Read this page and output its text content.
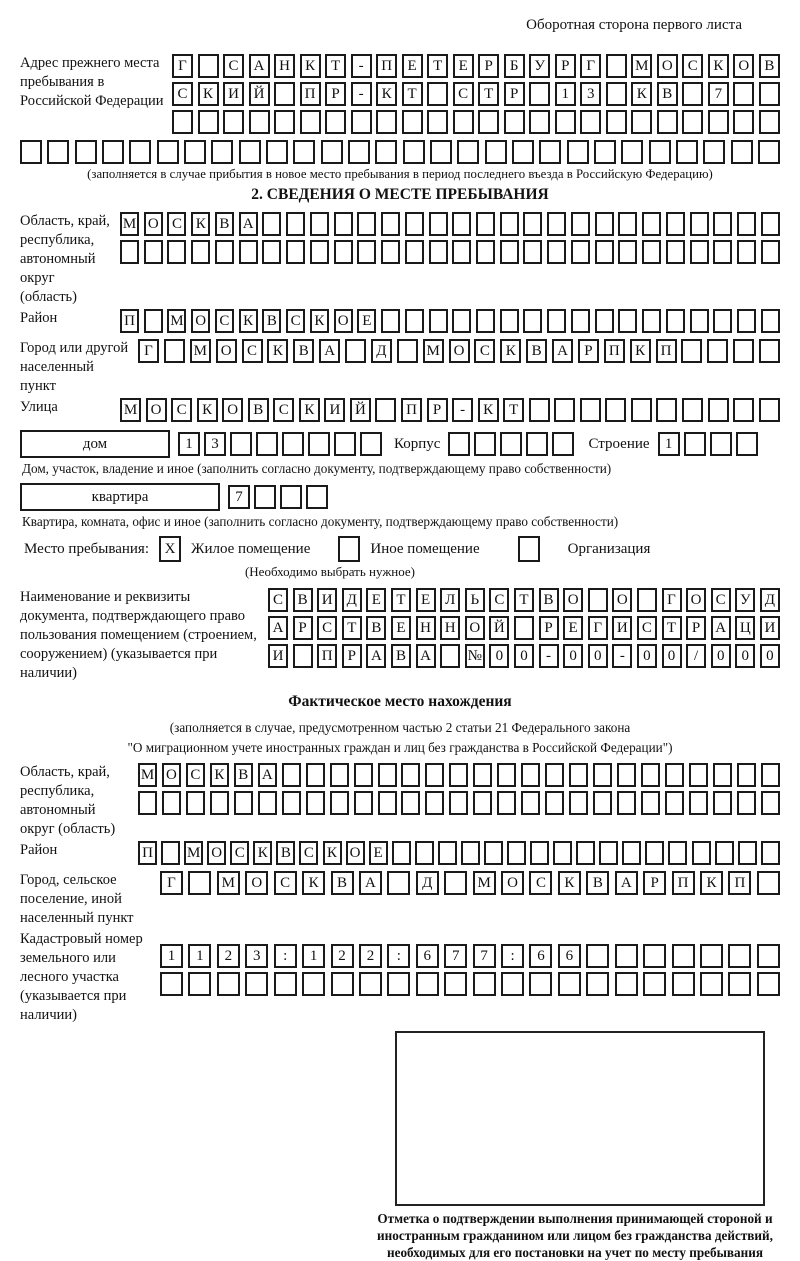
Оборотная сторона первого листа
Адрес прежнего места пребывания в Российской Федерации
Г	С	А Н	К	Т	-	П	Е	Т	Е	Р	Б	У	Р	Г	М О	С	К	О	В
С	К	И Й	П	Р	-	К	Т	С	Т	Р	1	3	К	В	7
(заполняется в случае прибытия в новое место пребывания в период последнего въезда в Российскую Федерацию)
2. СВЕДЕНИЯ О МЕСТЕ ПРЕБЫВАНИЯ
Область, край, республика, автономный округ (область)
М О С К В А
Район	П М О С К В С К О Е
Город или другой населенный пункт
Г	М О	С	К	В	А	Д	М О	С	К	В	А	Р	П	К	П
Улица	М О	С	К	О	В	С	К	И Й	П	Р	-	К	Т
дом	1	3	Корпус	Строение	1
Дом, участок, владение и иное (заполнить согласно документу, подтверждающему право собственности)
квартира	7
Квартира, комната, офис и иное (заполнить согласно документу, подтверждающему право собственности)
Место пребывания:	X	Жилое помещение	Иное помещение	Организация
(Необходимо выбрать нужное)
Наименование и реквизиты документа, подтверждающего право пользования помещением (строением, сооружением) (указывается при наличии)
С В И Д Е	Т	Е Л	Ь	С	Т	В О	О	Г О С У Д
А	Р	С	Т	В	Е Н Н О Й	Р	Е	Г И С	Т	Р	А Ц И
И	П	Р	А В А	№ 0	0	-	0	0	-	0	0	/	0	0	0
Фактическое место нахождения
(заполняется в случае, предусмотренном частью 2 статьи 21 Федерального закона
"О миграционном учете иностранных граждан и лиц без гражданства в Российской Федерации")
Область, край, республика, автономный округ (область)
М О С К В А
Район	П М О С К В С К О Е
Город, сельское поселение, иной населенный пункт
Г	М	О	С	К	В	А	Д	М	О	С	К	В	А	Р	П	К	П
Кадастровый номер земельного или лесного участка (указывается при наличии)
1	1	2	3	:	1	2	2	:	6	7	7	:	6	6
Отметка о подтверждении выполнения принимающей стороной и иностранным гражданином или лицом без гражданства действий, необходимых для его постановки на учет по месту пребывания
